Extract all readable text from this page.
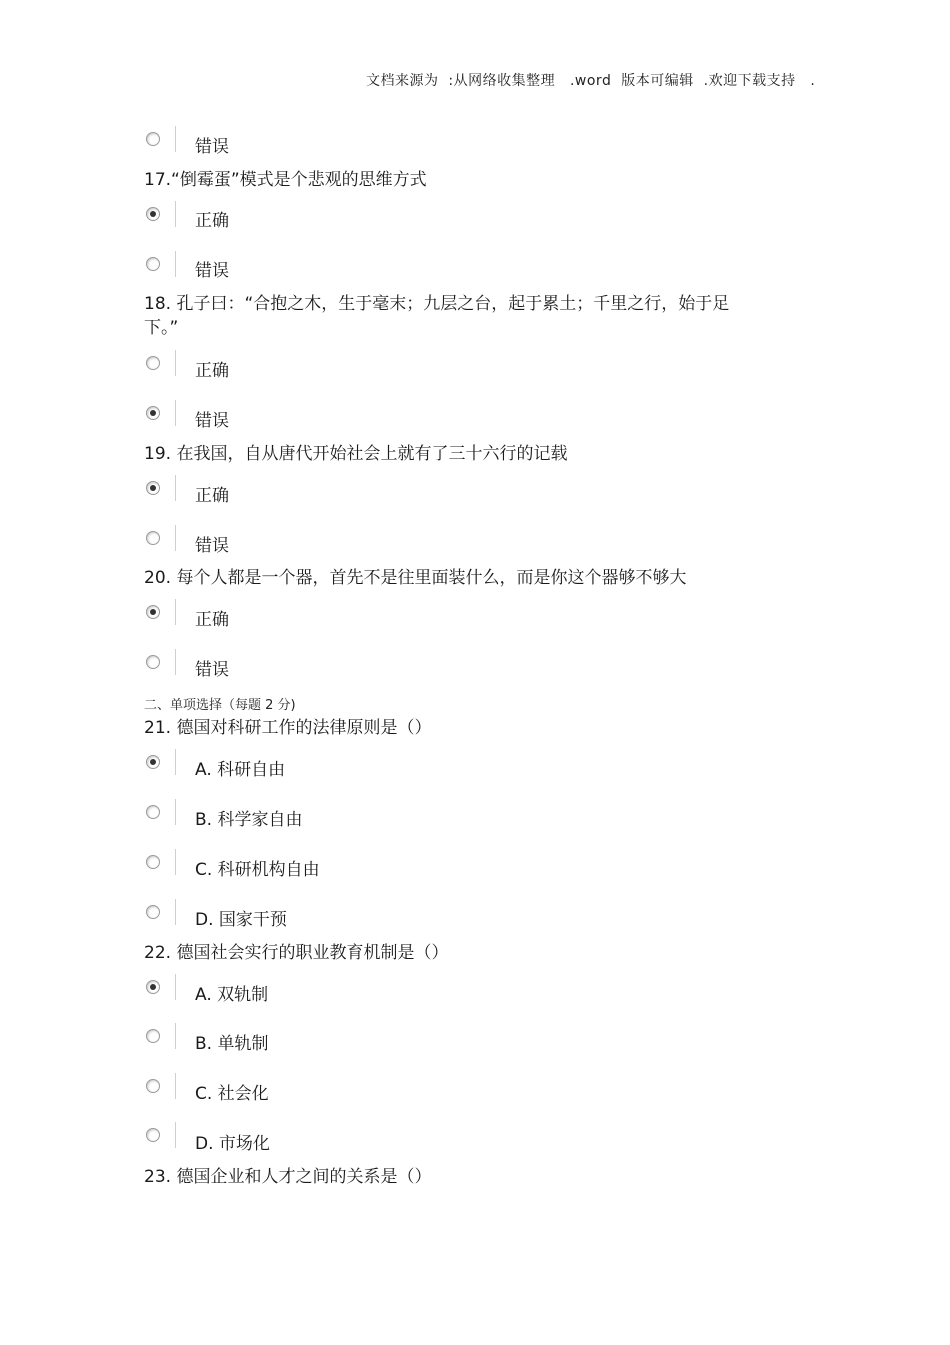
文档来源为  :从网络收集整理   .word  版本可编辑  .欢迎下载支持   .
错误
17.“倒霉蛋”模式是个悲观的思维方式
正确
错误
18. 孔子曰：“合抱之木，生于毫末；九层之台，起于累土；千里之行，始于足
下。”
正确
错误
19. 在我国，自从唐代开始社会上就有了三十六行的记载
正确
错误
20. 每个人都是一个器，首先不是往里面装什么，而是你这个器够不够大
正确
错误
二、单项选择（每题 2 分)
21. 德国对科研工作的法律原则是（）
A. 科研自由
B. 科学家自由
C. 科研机构自由
D. 国家干预
22. 德国社会实行的职业教育机制是（）
A. 双轨制
B. 单轨制
C. 社会化
D. 市场化
23. 德国企业和人才之间的关系是（）
